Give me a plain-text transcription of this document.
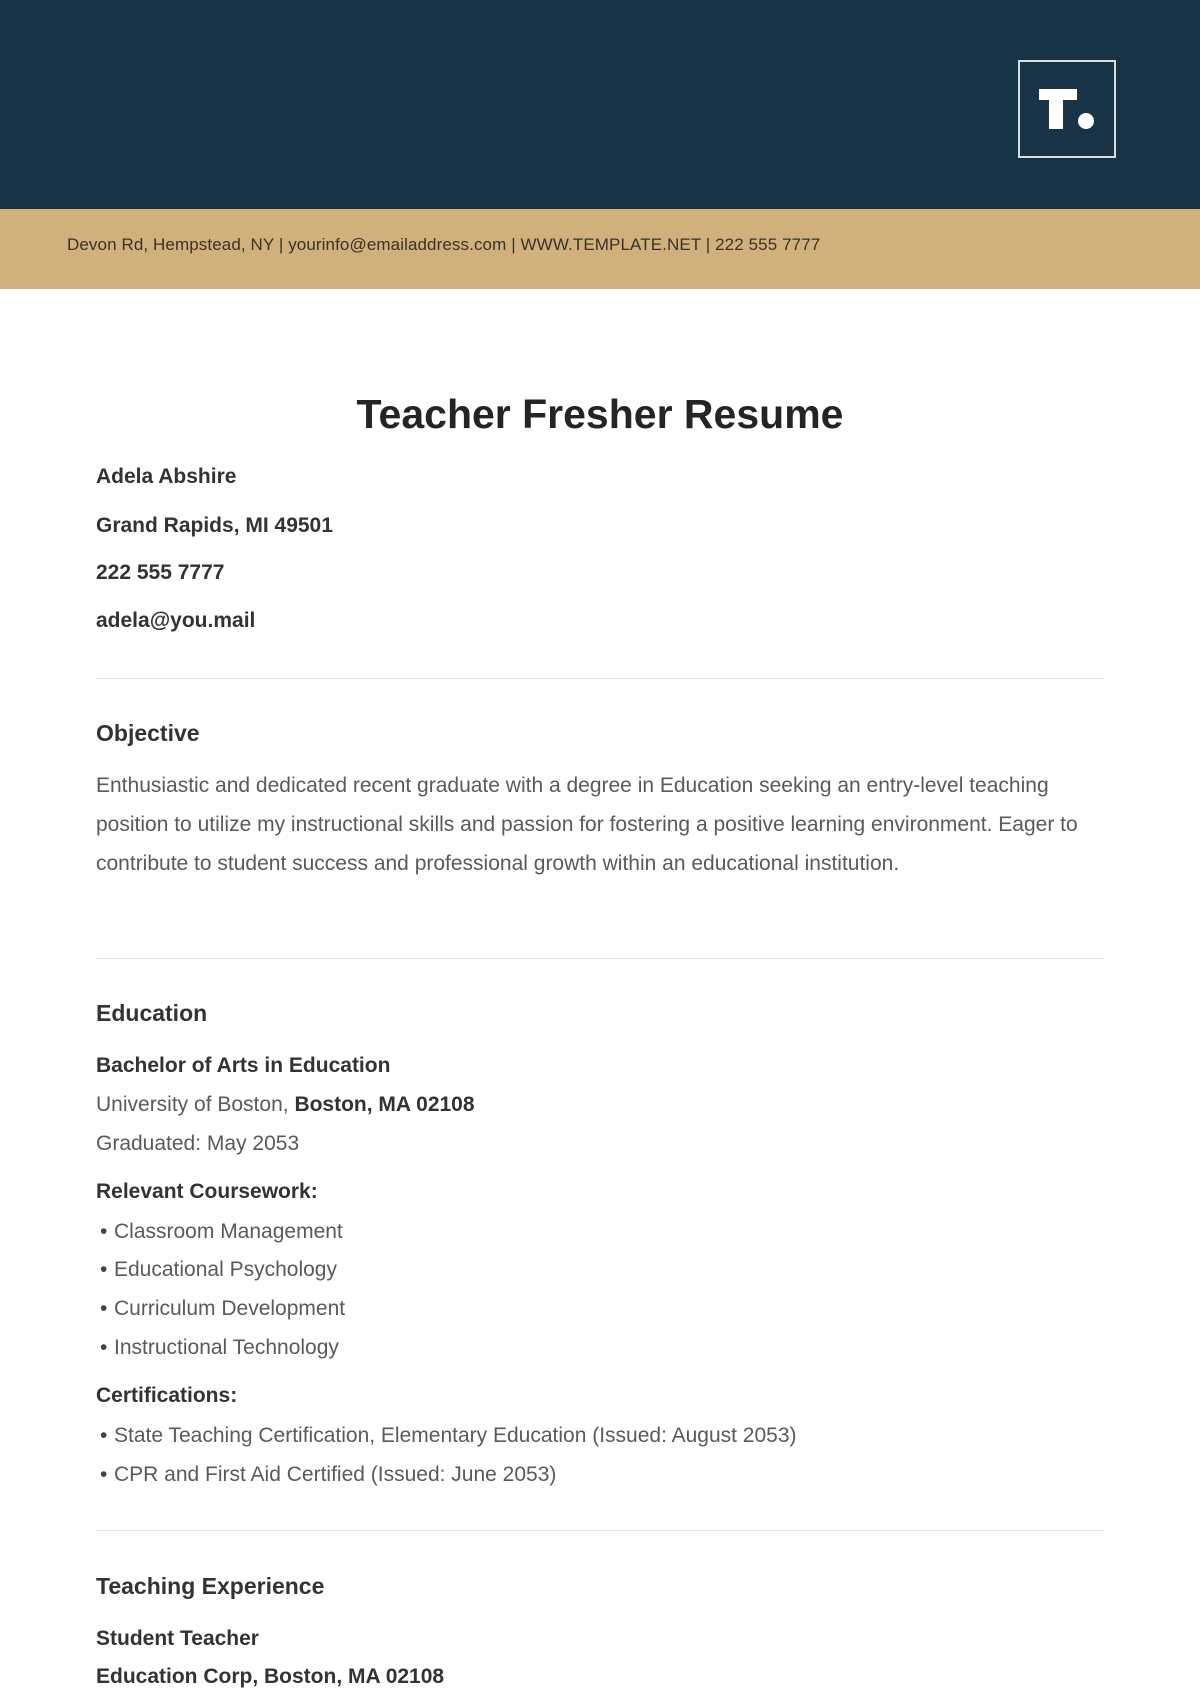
Devon Rd, Hempstead, NY | yourinfo@emailaddress.com | WWW.TEMPLATE.NET | 222 555 7777
Teacher Fresher Resume
Adela Abshire
Grand Rapids, MI 49501
222 555 7777
adela@you.mail
Objective
Enthusiastic and dedicated recent graduate with a degree in Education seeking an entry-level teaching position to utilize my instructional skills and passion for fostering a positive learning environment. Eager to contribute to student success and professional growth within an educational institution.
Education
Bachelor of Arts in Education
University of Boston, Boston, MA 02108
Graduated: May 2053
Relevant Coursework:
• Classroom Management
• Educational Psychology
• Curriculum Development
• Instructional Technology
Certifications:
• State Teaching Certification, Elementary Education (Issued: August 2053)
• CPR and First Aid Certified (Issued: June 2053)
Teaching Experience
Student Teacher
Education Corp, Boston, MA 02108
